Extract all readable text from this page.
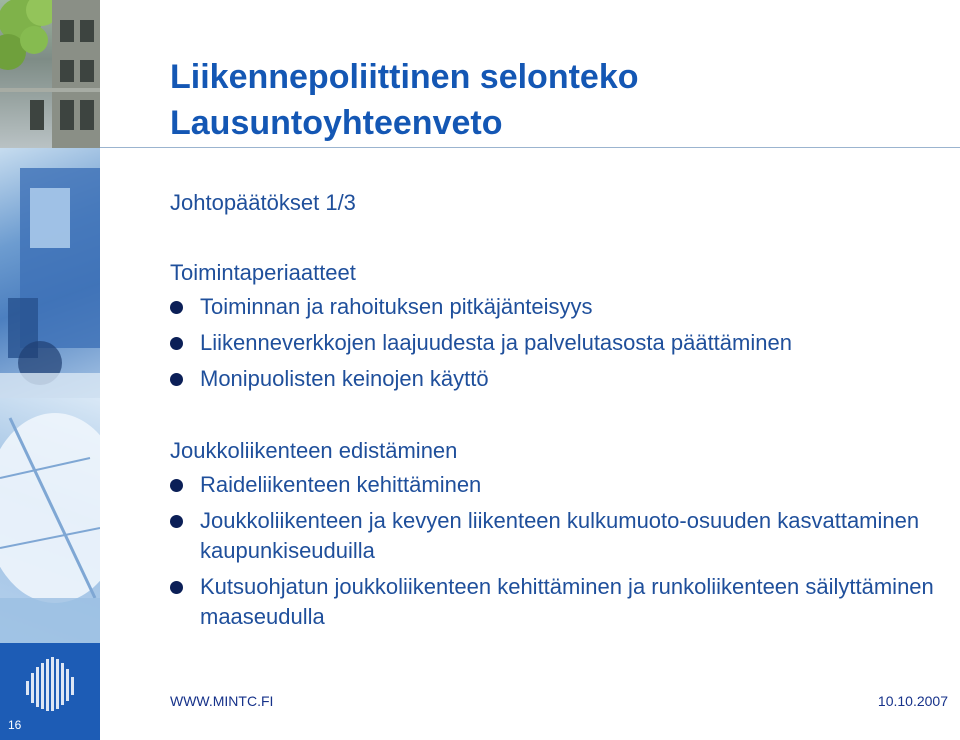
16
Liikennepoliittinen selonteko
Lausuntoyhteenveto
Johtopäätökset 1/3

Toimintaperiaatteet

Toiminnan ja rahoituksen pitkäjänteisyys
Liikenneverkkojen laajuudesta ja palvelutasosta päättäminen
Monipuolisten keinojen käyttö

Joukkoliikenteen edistäminen

Raideliikenteen kehittäminen
Joukkoliikenteen ja kevyen liikenteen kulkumuoto-osuuden kasvattaminen kaupunkiseuduilla
Kutsuohjatun joukkoliikenteen kehittäminen ja runkoliikenteen säilyttäminen maaseudulla
WWW.MINTC.FI	10.10.2007
